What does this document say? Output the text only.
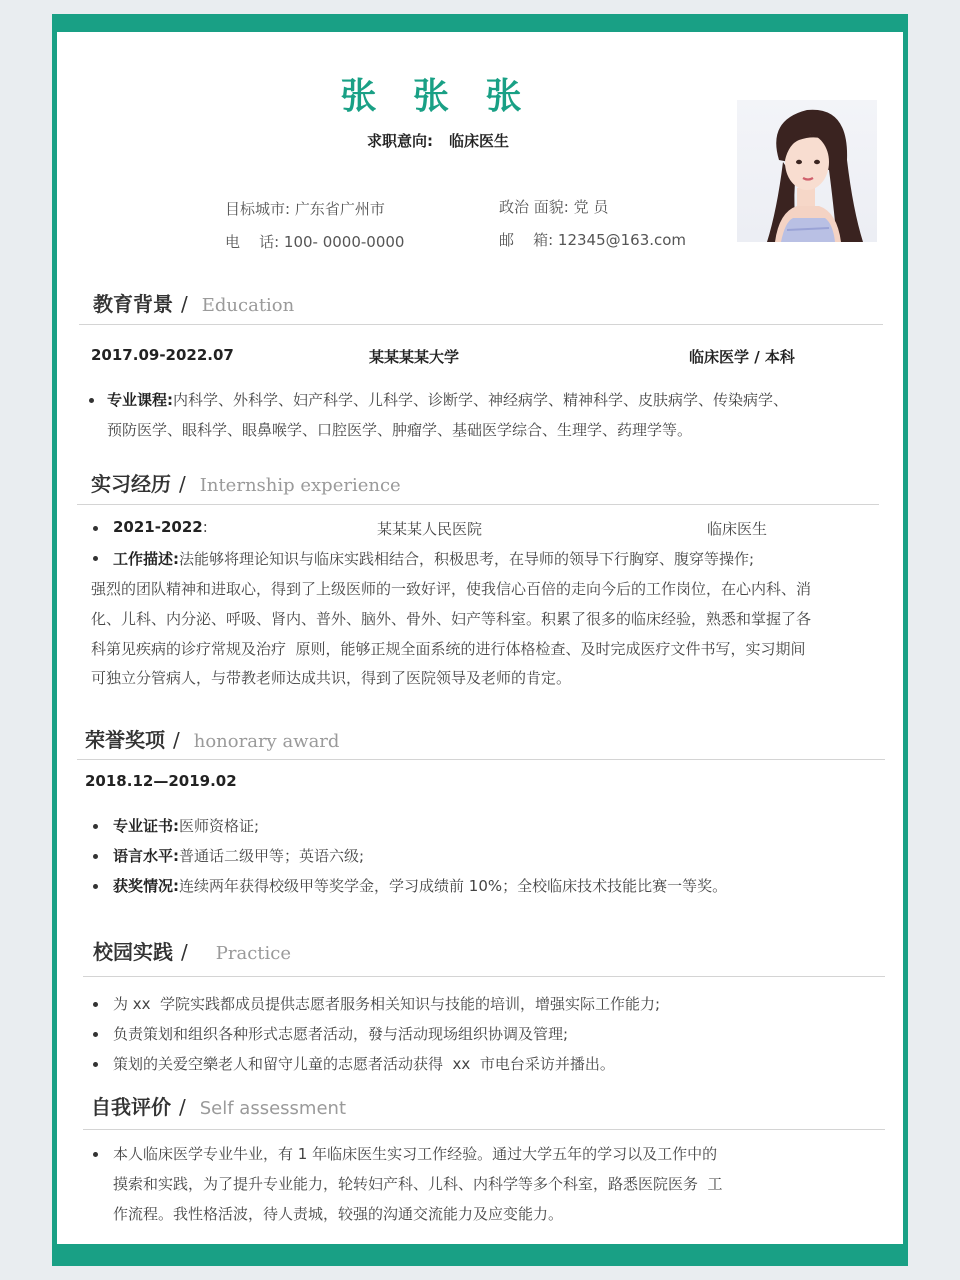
张 张 张
求职意向: 临床医生
目标城市: 广东省广州市	政治 面貌: 党 员
电    话: 100- 0000-0000	邮    箱: 12345@163.com
教育背景 / Education
2017.09-2022.07	某某某某大学	临床医学 / 本科
专业课程:内科学、外科学、妇产科学、儿科学、诊断学、神经病学、精神科学、皮肤病学、传染病学、
预防医学、眼科学、眼鼻喉学、口腔医学、肿瘤学、基础医学综合、生理学、药理学等。
实习经历 / Internship experience
2021-2022:	某某某人民医院	临床医生
工作描述:法能够将理论知识与临床实践相结合，积极思考，在导师的领导下行胸穿、腹穿等操作;
强烈的团队精神和进取心，得到了上级医师的一致好评，使我信心百倍的走向今后的工作岗位，在心内科、消
化、儿科、内分泌、呼吸、肾内、普外、脑外、骨外、妇产等科室。积累了很多的临床经验，熟悉和掌握了各
科第见疾病的诊疗常规及治疗  原则，能够正规全面系统的进行体格检查、及时完成医疗文件书写，实习期间
可独立分管病人，与带教老师达成共识，得到了医院领导及老师的肯定。
荣誉奖项 / honorary award
2018.12—2019.02
专业证书:医师资格证;
语言水平:普通话二级甲等；英语六级;
获奖情况:连续两年获得校级甲等奖学金，学习成绩前 10%；全校临床技术技能比赛一等奖。
校园实践 / Practice
为 xx  学院实践都成员提供志愿者服务相关知识与技能的培训，增强实际工作能力;
负责策划和组织各种形式志愿者活动，發与活动现场组织协调及管理;
策划的关爱空樂老人和留守儿童的志愿者活动获得  xx  市电台采访并播出。
自我评价 / Self assessment
本人临床医学专业牛业，有 1 年临床医生实习工作经验。通过大学五年的学习以及工作中的
摸索和实践，为了提升专业能力，轮转妇产科、儿科、内科学等多个科室，路悉医院医务  工
作流程。我性格活波，待人责城，较强的沟通交流能力及应变能力。
